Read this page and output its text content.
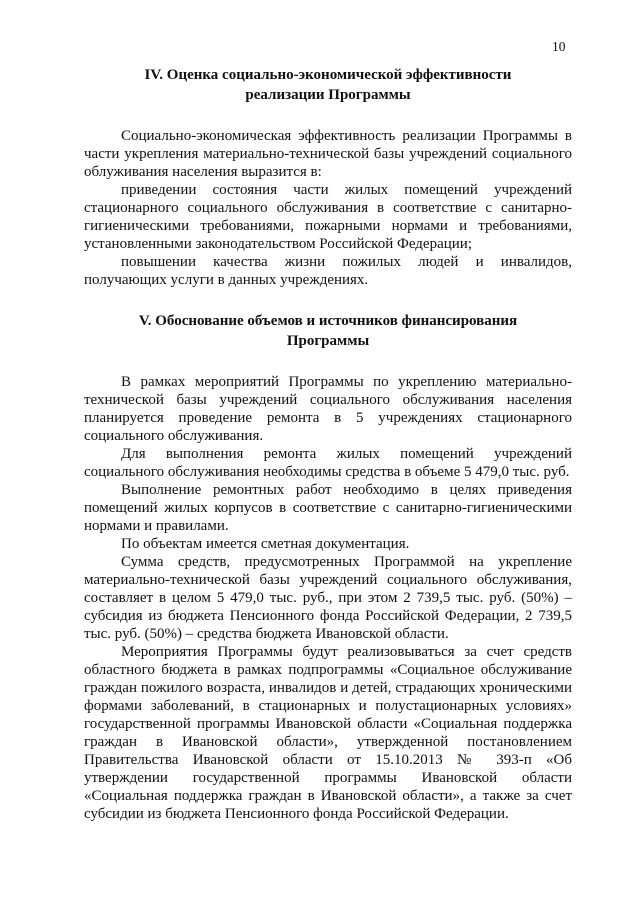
10
IV. Оценка социально-экономической эффективности
реализации Программы

Социально-экономическая эффективность реализации Программы в части укрепления материально-технической базы учреждений социального облуживания населения выразится в:

приведении состояния части жилых помещений учреждений стационарного социального обслуживания в соответствие с санитарно-гигиеническими требованиями, пожарными нормами и требованиями, установленными законодательством Российской Федерации;

повышении качества жизни пожилых людей и инвалидов, получающих услуги в данных учреждениях.

V. Обоснование объемов и источников финансирования
Программы

В рамках мероприятий Программы по укреплению материально-технической базы учреждений социального обслуживания населения планируется проведение ремонта в 5 учреждениях стационарного социального обслуживания.

Для выполнения ремонта жилых помещений учреждений социального обслуживания необходимы средства в объеме 5 479,0 тыс. руб.

Выполнение ремонтных работ необходимо в целях приведения помещений жилых корпусов в соответствие с санитарно-гигиеническими нормами и правилами.

По объектам имеется сметная документация.

Сумма средств, предусмотренных Программой на укрепление материально-технической базы учреждений социального обслуживания, составляет в целом 5 479,0 тыс. руб., при этом 2 739,5 тыс. руб. (50%) – субсидия из бюджета Пенсионного фонда Российской Федерации, 2 739,5 тыс. руб. (50%) – средства бюджета Ивановской области.

Мероприятия Программы будут реализовываться за счет средств областного бюджета в рамках подпрограммы «Социальное обслуживание граждан пожилого возраста, инвалидов и детей, страдающих хроническими формами заболеваний, в стационарных и полустационарных условиях» государственной программы Ивановской области «Социальная поддержка граждан в Ивановской области», утвержденной постановлением Правительства Ивановской области от 15.10.2013 № 393-п «Об утверждении государственной программы Ивановской области «Социальная поддержка граждан в Ивановской области», а также за счет субсидии из бюджета Пенсионного фонда Российской Федерации.
